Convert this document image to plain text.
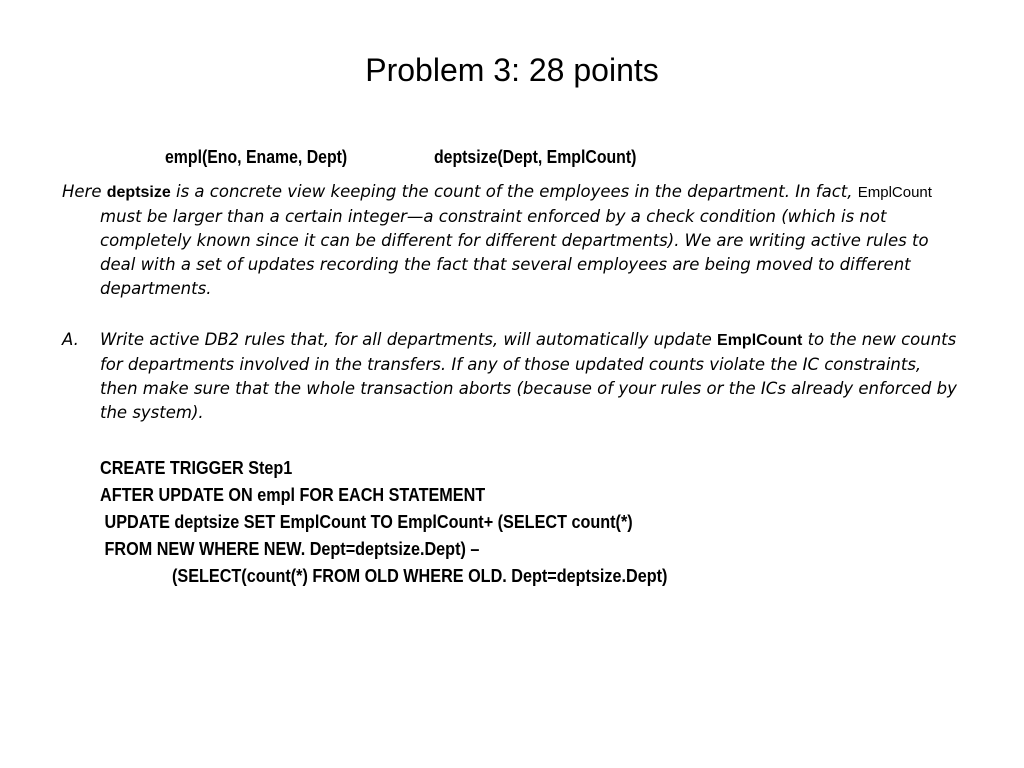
Problem 3: 28 points
empl(Eno, Ename, Dept)	deptsize(Dept, EmplCount)

Here deptsize is a concrete view keeping the count of the employees in the department. In fact, EmplCount must be larger than a certain integer—a constraint enforced by a check condition (which is not completely known since it can be different for different departments). We are writing active rules to deal with a set of updates recording the fact that several employees are being moved to different departments.

A. Write active DB2 rules that, for all departments, will automatically update EmplCount to the new counts for departments involved in the transfers. If any of those updated counts violate the IC constraints, then make sure that the whole transaction aborts (because of your rules or the ICs already enforced by the system).
CREATE TRIGGER Step1
AFTER UPDATE ON empl FOR EACH STATEMENT
UPDATE deptsize SET EmplCount TO EmplCount+ (SELECT count(*)
FROM NEW WHERE NEW. Dept=deptsize.Dept) –
(SELECT(count(*) FROM OLD WHERE OLD. Dept=deptsize.Dept)
